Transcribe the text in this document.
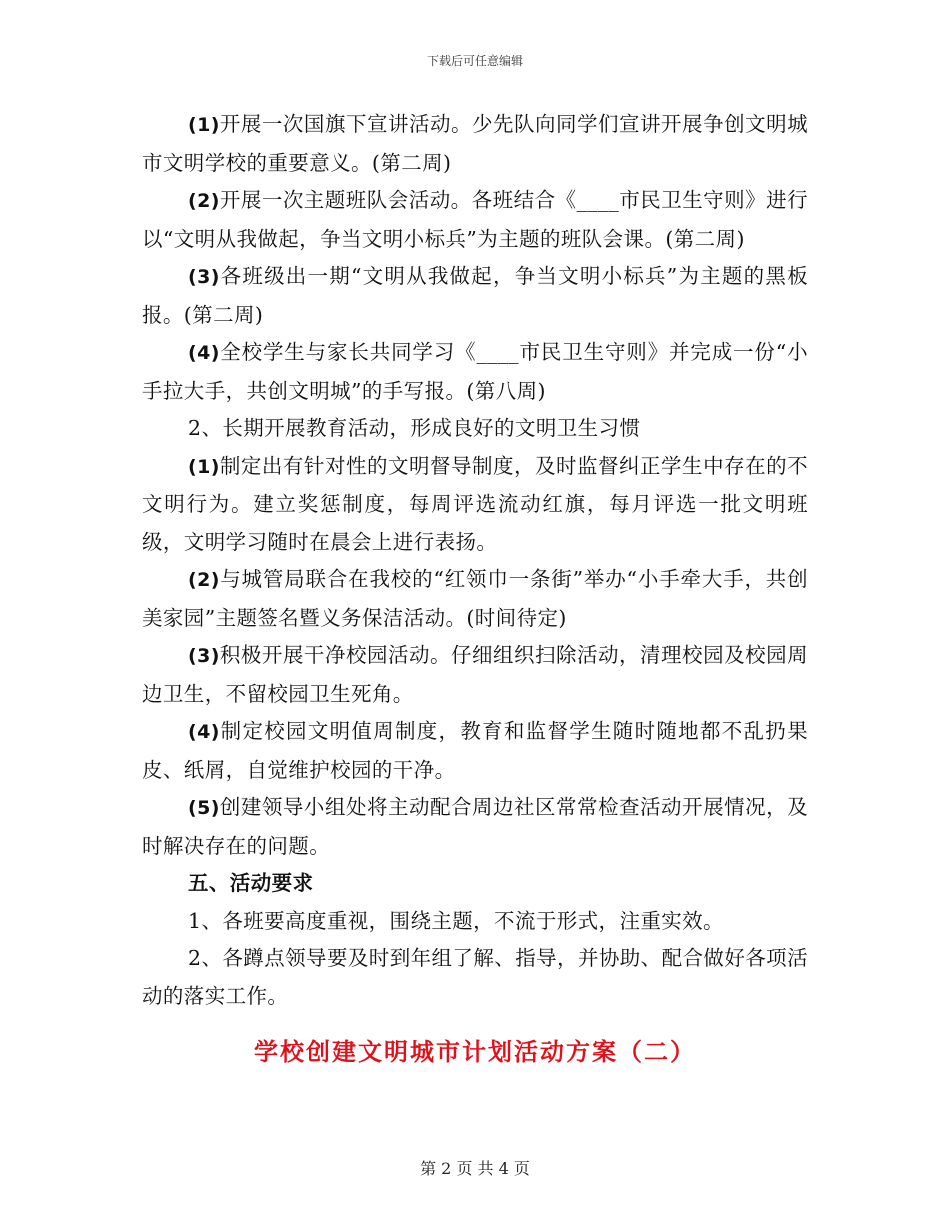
下载后可任意编辑

(1)开展一次国旗下宣讲活动。少先队向同学们宣讲开展争创文明城市文明学校的重要意义。(第二周)

(2)开展一次主题班队会活动。各班结合《____市民卫生守则》进行以“文明从我做起，争当文明小标兵”为主题的班队会课。(第二周)

(3)各班级出一期“文明从我做起，争当文明小标兵”为主题的黑板报。(第二周)

(4)全校学生与家长共同学习《____市民卫生守则》并完成一份“小手拉大手，共创文明城”的手写报。(第八周)

2、长期开展教育活动，形成良好的文明卫生习惯

(1)制定出有针对性的文明督导制度，及时监督纠正学生中存在的不文明行为。建立奖惩制度，每周评选流动红旗，每月评选一批文明班级，文明学习随时在晨会上进行表扬。

(2)与城管局联合在我校的“红领巾一条街”举办“小手牵大手，共创美家园”主题签名暨义务保洁活动。(时间待定)

(3)积极开展干净校园活动。仔细组织扫除活动，清理校园及校园周边卫生，不留校园卫生死角。

(4)制定校园文明值周制度，教育和监督学生随时随地都不乱扔果皮、纸屑，自觉维护校园的干净。

(5)创建领导小组处将主动配合周边社区常常检查活动开展情况，及时解决存在的问题。

五、活动要求

1、各班要高度重视，围绕主题，不流于形式，注重实效。

2、各蹲点领导要及时到年组了解、指导，并协助、配合做好各项活动的落实工作。

学校创建文明城市计划活动方案（二）
第 2 页 共 4 页
